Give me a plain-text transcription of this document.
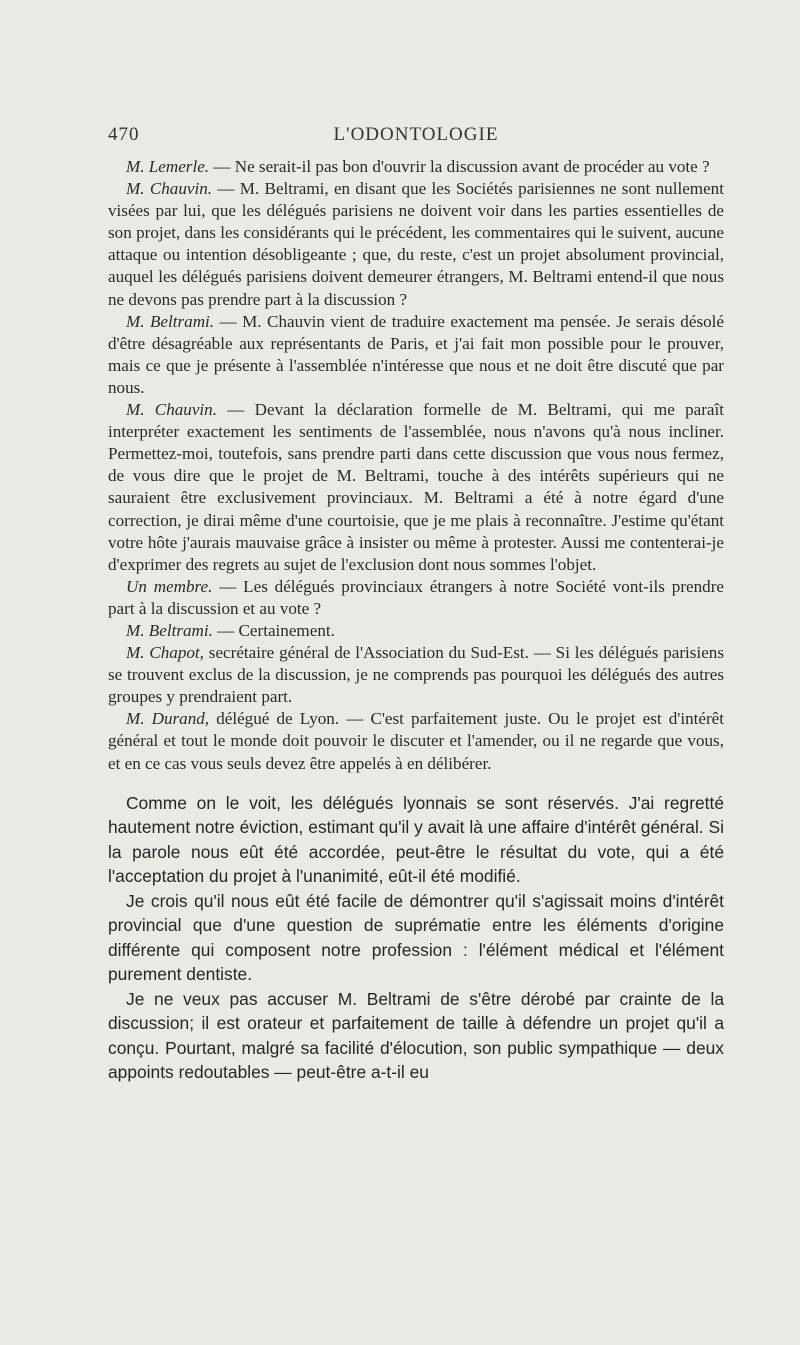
470	L'ODONTOLOGIE

M. Lemerle. — Ne serait-il pas bon d'ouvrir la discussion avant de procéder au vote ?

M. Chauvin. — M. Beltrami, en disant que les Sociétés parisiennes ne sont nullement visées par lui, que les délégués parisiens ne doivent voir dans les parties essentielles de son projet, dans les considérants qui le précédent, les commentaires qui le suivent, aucune attaque ou intention désobligeante ; que, du reste, c'est un projet absolument provincial, auquel les délégués parisiens doivent demeurer étrangers, M. Beltrami entend-il que nous ne devons pas prendre part à la discussion ?

M. Beltrami. — M. Chauvin vient de traduire exactement ma pensée. Je serais désolé d'être désagréable aux représentants de Paris, et j'ai fait mon possible pour le prouver, mais ce que je présente à l'assemblée n'intéresse que nous et ne doit être discuté que par nous.

M. Chauvin. — Devant la déclaration formelle de M. Beltrami, qui me paraît interpréter exactement les sentiments de l'assemblée, nous n'avons qu'à nous incliner. Permettez-moi, toutefois, sans prendre parti dans cette discussion que vous nous fermez, de vous dire que le projet de M. Beltrami, touche à des intérêts supérieurs qui ne sauraient être exclusivement provinciaux. M. Beltrami a été à notre égard d'une correction, je dirai même d'une courtoisie, que je me plais à reconnaître. J'estime qu'étant votre hôte j'aurais mauvaise grâce à insister ou même à protester. Aussi me contenterai-je d'exprimer des regrets au sujet de l'exclusion dont nous sommes l'objet.

Un membre. — Les délégués provinciaux étrangers à notre Société vont-ils prendre part à la discussion et au vote ?

M. Beltrami. — Certainement.

M. Chapot, secrétaire général de l'Association du Sud-Est. — Si les délégués parisiens se trouvent exclus de la discussion, je ne comprends pas pourquoi les délégués des autres groupes y prendraient part.

M. Durand, délégué de Lyon. — C'est parfaitement juste. Ou le projet est d'intérêt général et tout le monde doit pouvoir le discuter et l'amender, ou il ne regarde que vous, et en ce cas vous seuls devez être appelés à en délibérer.

Comme on le voit, les délégués lyonnais se sont réservés. J'ai regretté hautement notre éviction, estimant qu'il y avait là une affaire d'intérêt général. Si la parole nous eût été accordée, peut-être le résultat du vote, qui a été l'acceptation du projet à l'unanimité, eût-il été modifié.

Je crois qu'il nous eût été facile de démontrer qu'il s'agissait moins d'intérêt provincial que d'une question de suprématie entre les éléments d'origine différente qui composent notre profession : l'élément médical et l'élément purement dentiste.

Je ne veux pas accuser M. Beltrami de s'être dérobé par crainte de la discussion; il est orateur et parfaitement de taille à défendre un projet qu'il a conçu. Pourtant, malgré sa facilité d'élocution, son public sympathique — deux appoints redoutables — peut-être a-t-il eu
